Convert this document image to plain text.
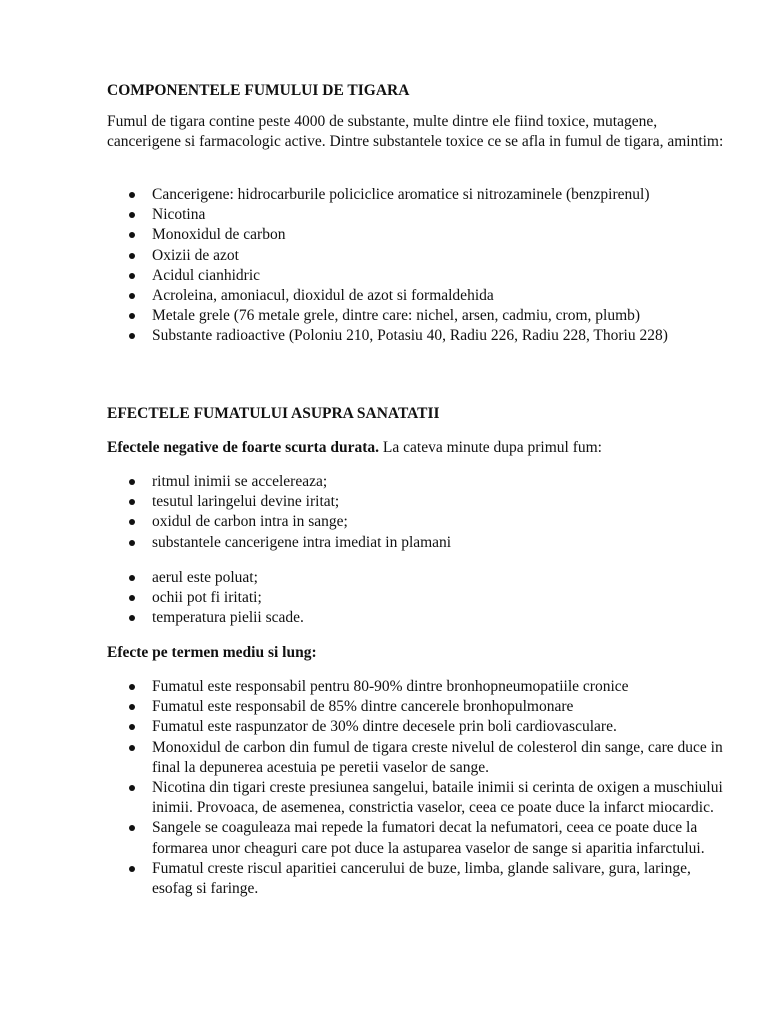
COMPONENTELE FUMULUI DE TIGARA

Fumul de tigara contine peste 4000 de substante, multe dintre ele fiind toxice, mutagene, cancerigene si farmacologic active. Dintre substantele toxice ce se afla in fumul de tigara, amintim:

Cancerigene: hidrocarburile policiclice aromatice si nitrozaminele (benzpirenul)
Nicotina
Monoxidul de carbon
Oxizii de azot
Acidul cianhidric
Acroleina, amoniacul, dioxidul de azot si formaldehida
Metale grele (76 metale grele, dintre care: nichel, arsen, cadmiu, crom, plumb)
Substante radioactive (Poloniu 210, Potasiu 40, Radiu 226, Radiu 228, Thoriu 228)
EFECTELE FUMATULUI ASUPRA SANATATII

Efectele negative de foarte scurta durata. La cateva minute dupa primul fum:

ritmul inimii se accelereaza;
tesutul laringelui devine iritat;
oxidul de carbon intra in sange;
substantele cancerigene intra imediat in plamani
aerul este poluat;
ochii pot fi iritati;
temperatura pielii scade.

Efecte pe termen mediu si lung:

Fumatul este responsabil pentru 80-90% dintre bronhopneumopatiile cronice
Fumatul este responsabil de 85% dintre cancerele bronhopulmonare
Fumatul este raspunzator de 30% dintre decesele prin boli cardiovasculare.
Monoxidul de carbon din fumul de tigara creste nivelul de colesterol din sange, care duce in final la depunerea acestuia pe peretii vaselor de sange.
Nicotina din tigari creste presiunea sangelui, bataile inimii si cerinta de oxigen a muschiului inimii. Provoaca, de asemenea, constrictia vaselor, ceea ce poate duce la infarct miocardic.
Sangele se coaguleaza mai repede la fumatori decat la nefumatori, ceea ce poate duce la formarea unor cheaguri care pot duce la astuparea vaselor de sange si aparitia infarctului.
Fumatul creste riscul aparitiei cancerului de buze, limba, glande salivare, gura, laringe, esofag si faringe.
